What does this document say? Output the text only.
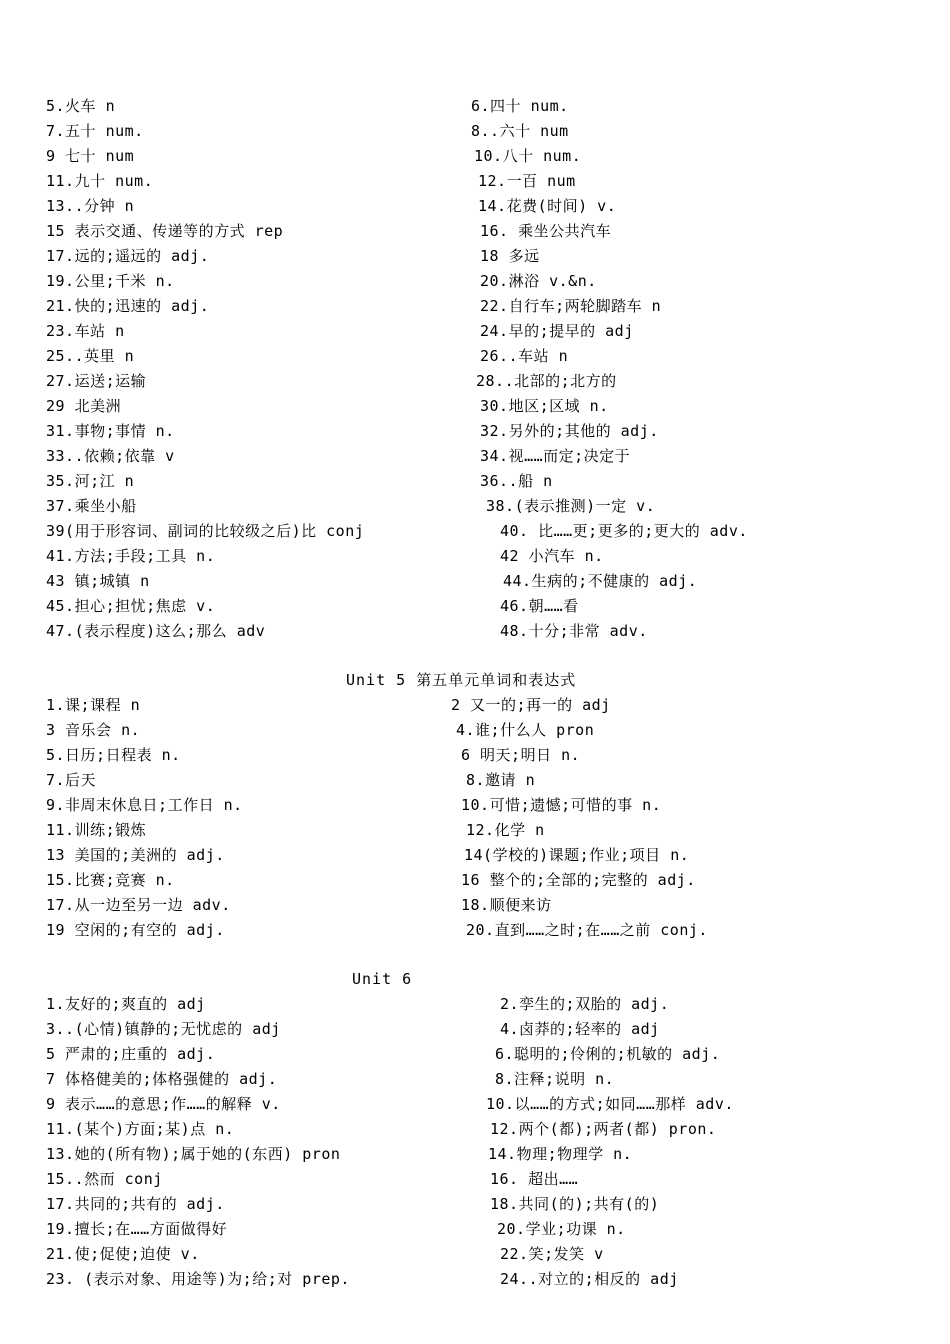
5.火车 n	6.四十 num.
7.五十 num.	8..六十 num
9 七十 num	10.八十 num.
11.九十 num.	12.一百 num
13..分钟 n	14.花费(时间) v.
15 表示交通、传递等的方式 rep	16. 乘坐公共汽车
17.远的;遥远的 adj.	18 多远
19.公里;千米 n.	20.淋浴 v.&n.
21.快的;迅速的 adj.	22.自行车;两轮脚踏车 n
23.车站 n	24.早的;提早的 adj
25..英里 n	26..车站 n
27.运送;运输	28..北部的;北方的
29 北美洲	30.地区;区域 n.
31.事物;事情 n.	32.另外的;其他的 adj.
33..依赖;依靠 v	34.视……而定;决定于
35.河;江 n	36..船 n
37.乘坐小船	38.(表示推测)一定 v.
39(用于形容词、副词的比较级之后)比 conj	40. 比……更;更多的;更大的 adv.
41.方法;手段;工具 n.	42 小汽车 n.
43 镇;城镇 n	44.生病的;不健康的 adj.
45.担心;担忧;焦虑 v.	46.朝……看
47.(表示程度)这么;那么 adv	48.十分;非常 adv.
Unit 5 第五单元单词和表达式
1.课;课程 n	2 又一的;再一的 adj
3 音乐会 n.	4.谁;什么人 pron
5.日历;日程表 n.	6 明天;明日 n.
7.后天	8.邀请 n
9.非周末休息日;工作日 n.	10.可惜;遗憾;可惜的事 n.
11.训练;锻炼	12.化学 n
13 美国的;美洲的 adj.	14(学校的)课题;作业;项目 n.
15.比赛;竞赛 n.	16 整个的;全部的;完整的 adj.
17.从一边至另一边 adv.	18.顺便来访
19 空闲的;有空的 adj.	20.直到……之时;在……之前 conj.
Unit 6
1.友好的;爽直的 adj	2.孪生的;双胎的 adj.
3..(心情)镇静的;无忧虑的 adj	4.卤莽的;轻率的 adj
5 严肃的;庄重的 adj.	6.聪明的;伶俐的;机敏的 adj.
7 体格健美的;体格强健的 adj.	8.注释;说明 n.
9 表示……的意思;作……的解释 v.	10.以……的方式;如同……那样 adv.
11.(某个)方面;某)点 n.	12.两个(都);两者(都) pron.
13.她的(所有物);属于她的(东西) pron	14.物理;物理学 n.
15..然而 conj	16. 超出……
17.共同的;共有的 adj.	18.共同(的);共有(的)
19.擅长;在……方面做得好	20.学业;功课 n.
21.使;促使;迫使 v.	22.笑;发笑 v
23. (表示对象、用途等)为;给;对 prep.	24..对立的;相反的 adj
